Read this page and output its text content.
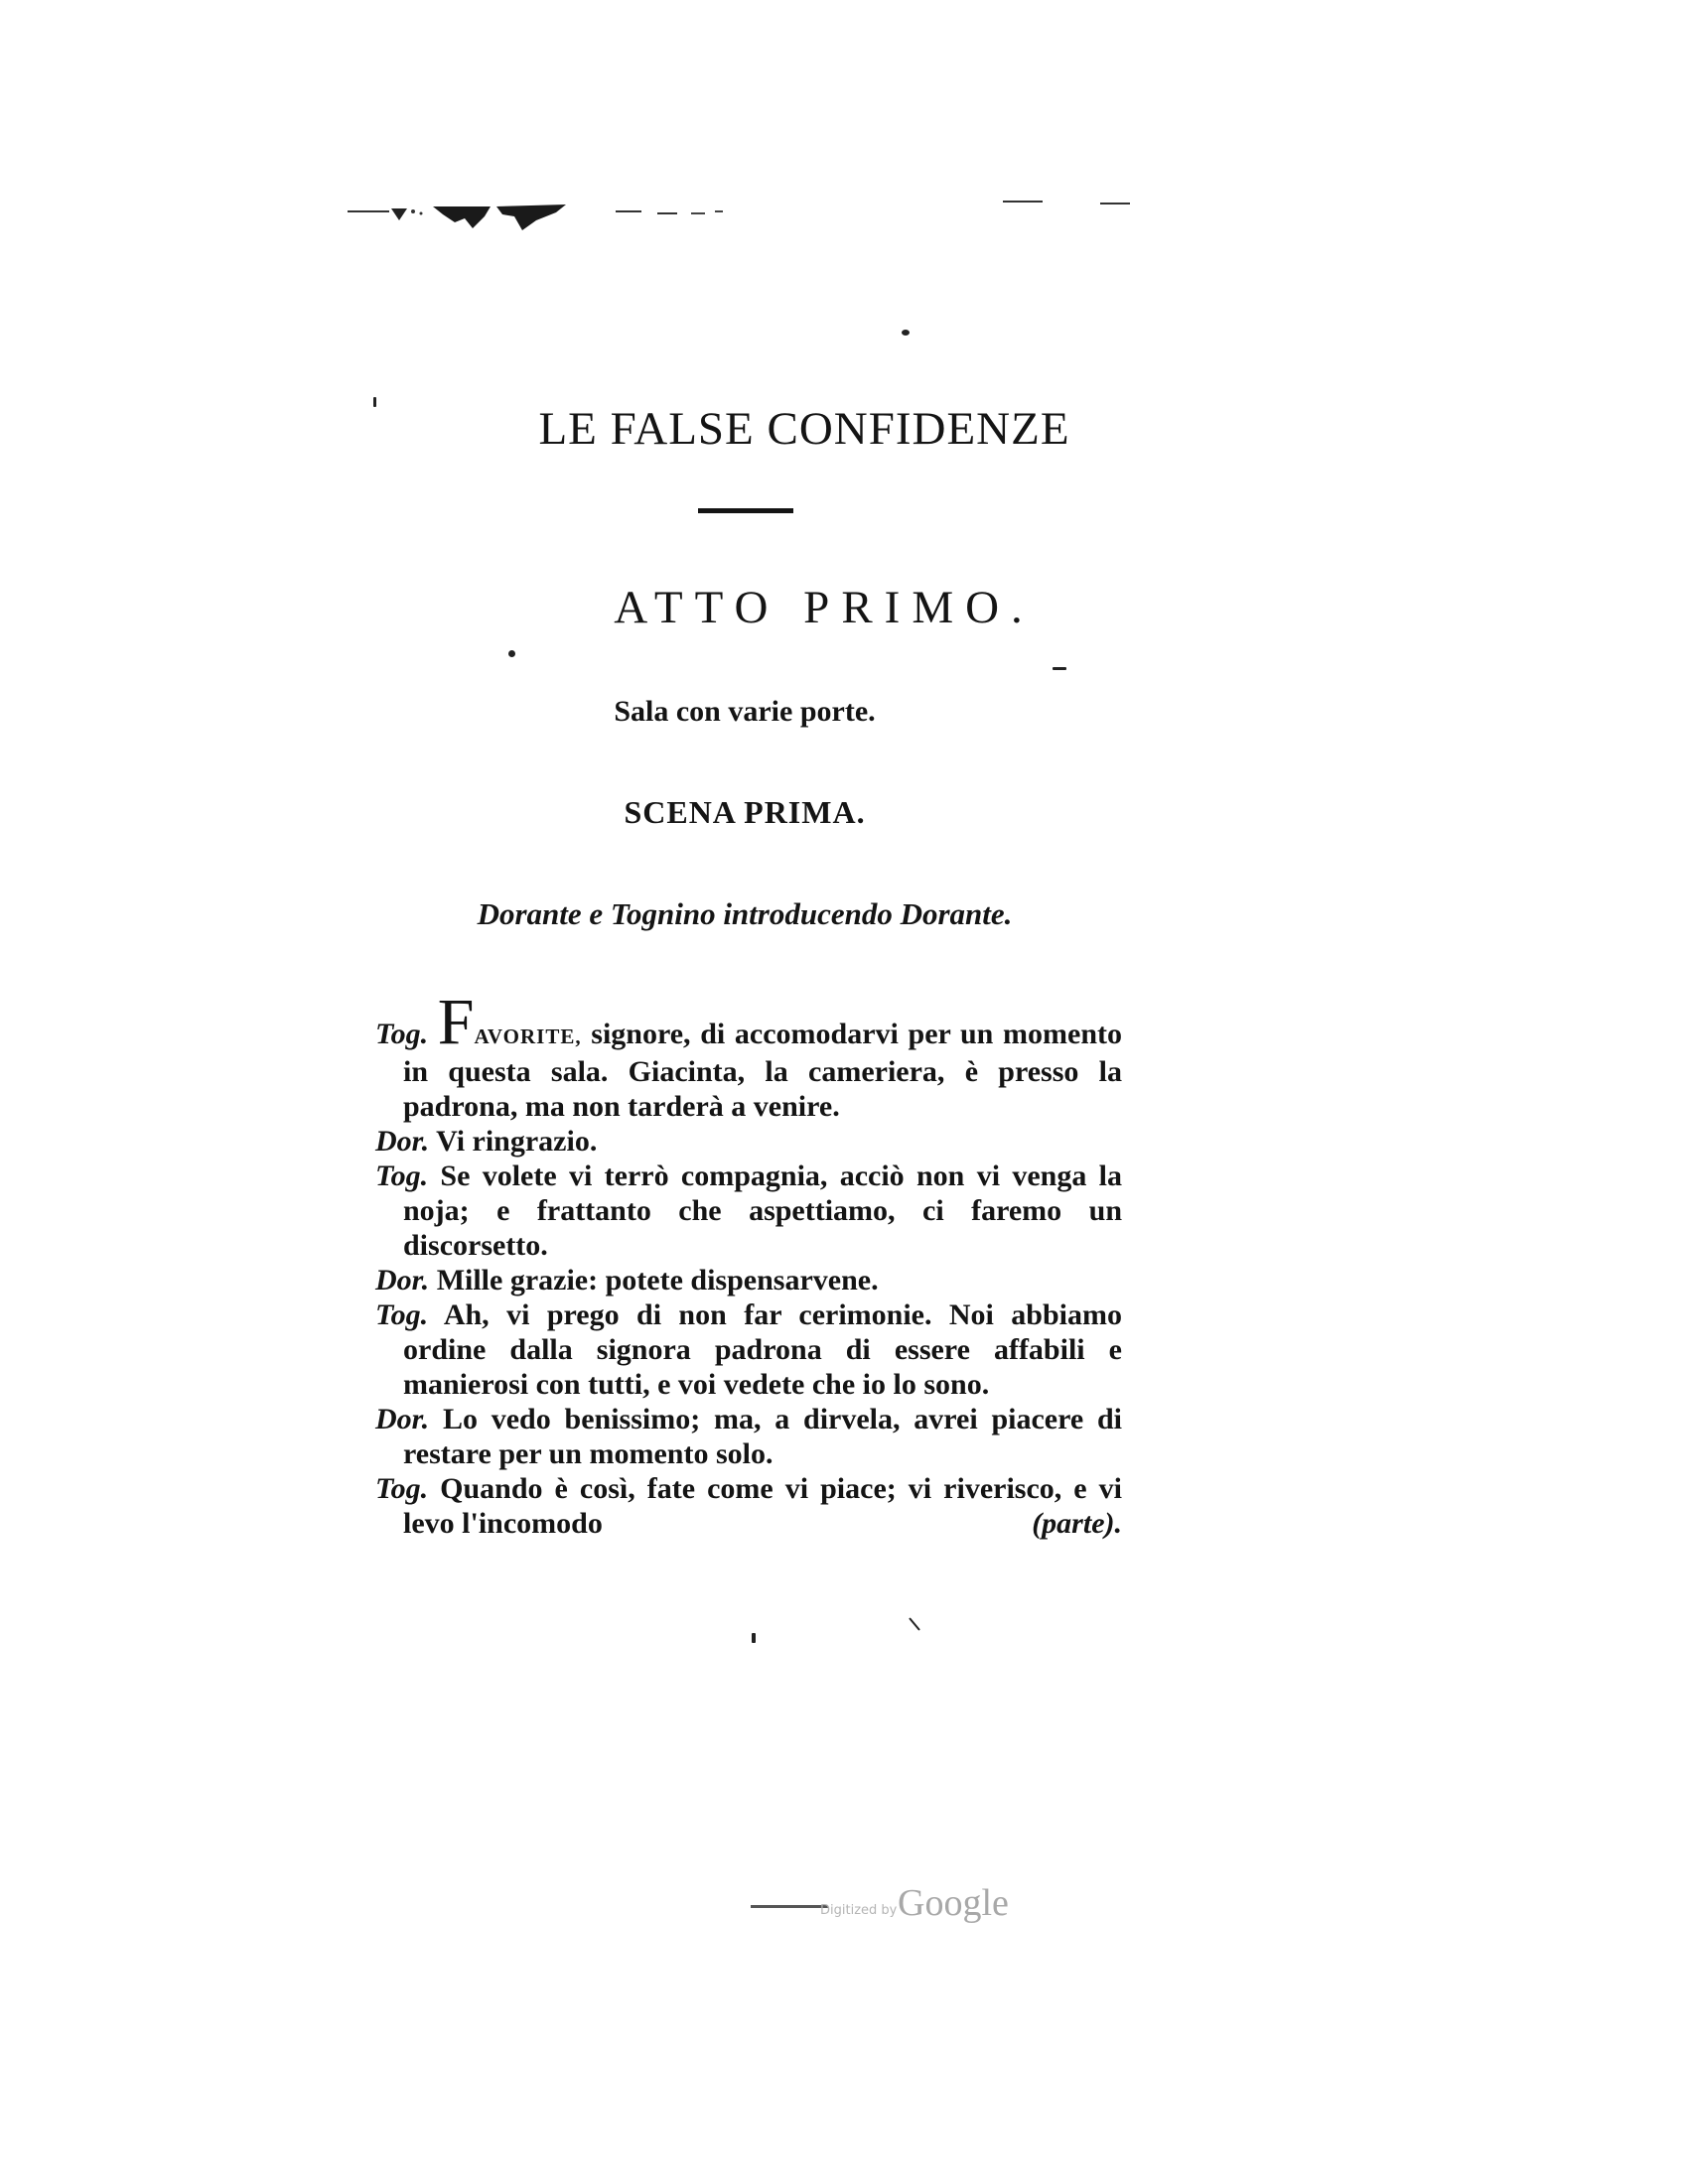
LE FALSE CONFIDENZE
ATTO PRIMO.
Sala con varie porte.
SCENA PRIMA.
Dorante e Tognino introducendo Dorante.
Tog. FAVORITE, signore, di accomodarvi per un momento in questa sala. Giacinta, la cameriera, è presso la padrona, ma non tarderà a venire.
Dor. Vi ringrazio.
Tog. Se volete vi terrò compagnia, acciò non vi venga la noja; e frattanto che aspettiamo, ci faremo un discorsetto.
Dor. Mille grazie: potete dispensarvene.
Tog. Ah, vi prego di non far cerimonie. Noi abbiamo ordine dalla signora padrona di essere affabili e manierosi con tutti, e voi vedete che io lo sono.
Dor. Lo vedo benissimo; ma, a dirvela, avrei piacere di restare per un momento solo.
Tog. Quando è così, fate come vi piace; vi riverisco, e vi levo l'incomodo	(parte).
Digitized by Google
